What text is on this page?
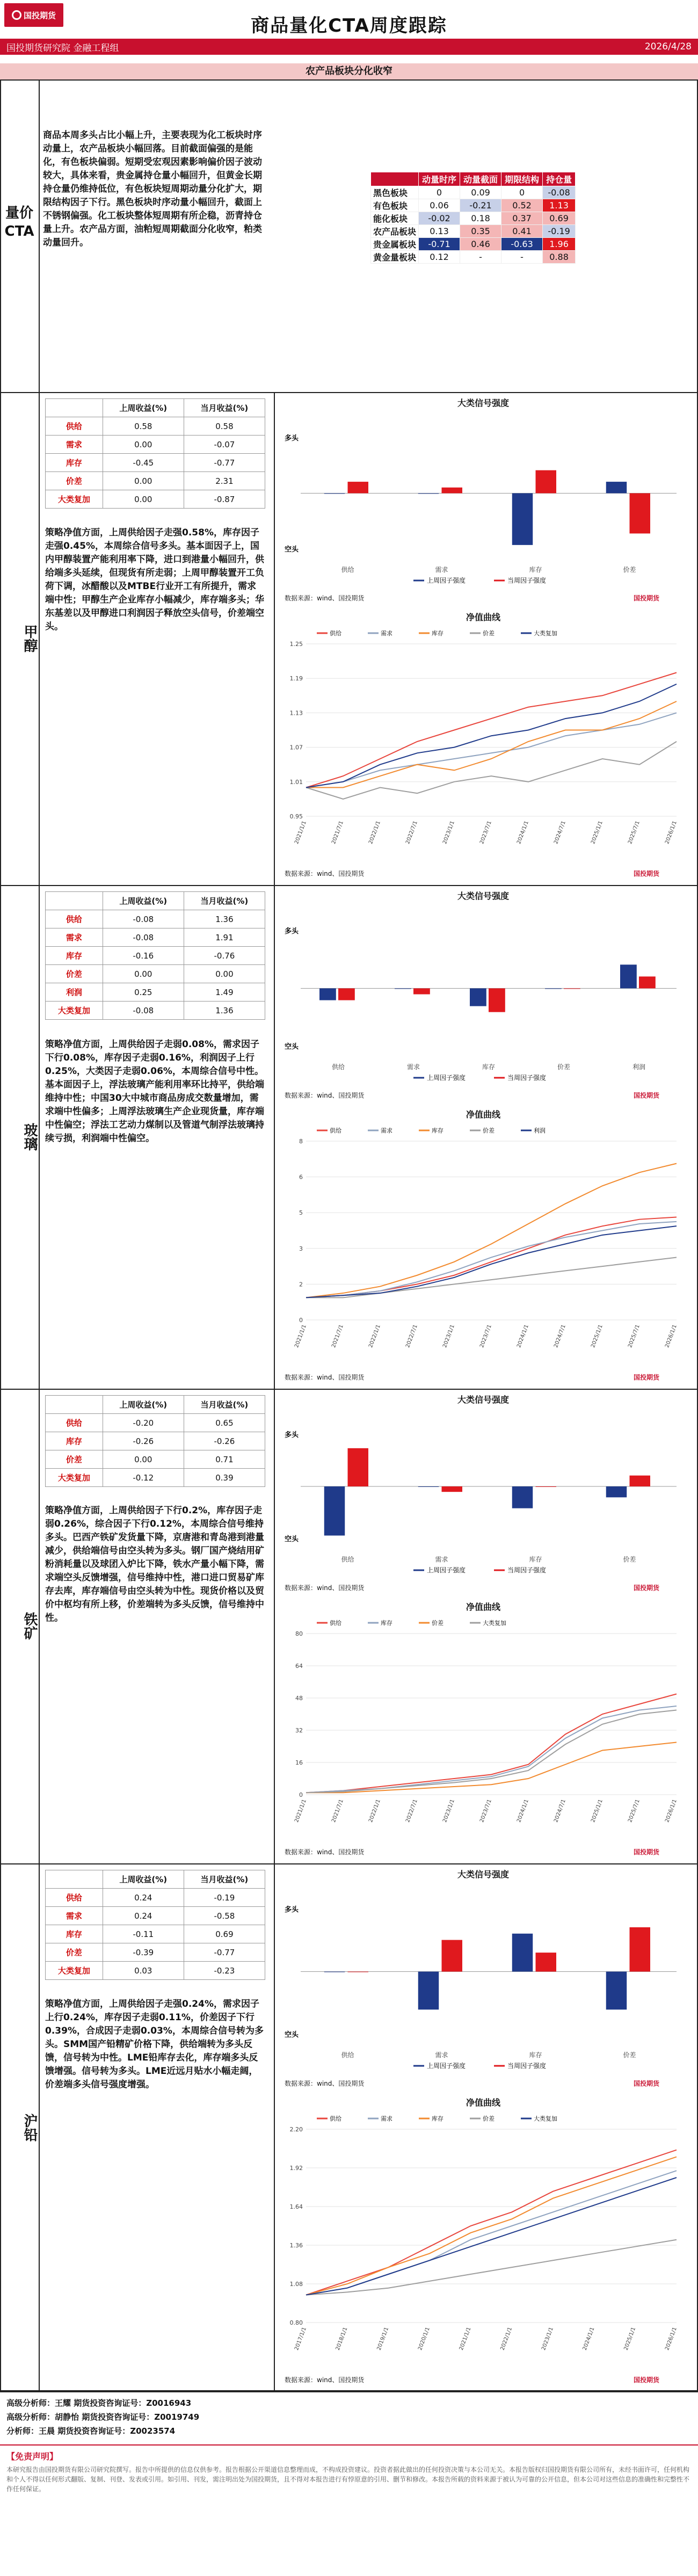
国投期货	商品量化CTA周度跟踪
国投期货研究院 金融工程组	2026/4/28
农产品板块分化收窄
量价CTA
商品本周多头占比小幅上升，主要表现为化工板块时序动量上，农产品板块小幅回落。目前截面偏强的是能化，有色板块偏弱。短期受宏观因素影响偏价因子波动较大，具体来看，贵金属持仓量小幅回升，但黄金长期持仓量仍维持低位，有色板块短周期动量分化扩大，期限结构因子下行。黑色板块时序动量小幅回升，截面上不锈钢偏强。化工板块整体短周期有所企稳，沥青持仓量上升。农产品方面，油粕短周期截面分化收窄，粕类动量回升。
	动量时序	动量截面	期限结构	持仓量
黑色板块	0	0.09	0	-0.08
有色板块	0.06	-0.21	0.52	1.13
能化板块	-0.02	0.18	0.37	0.69
农产品板块	0.13	0.35	0.41	-0.19
贵金属板块	-0.71	0.46	-0.63	1.96
黄金量板块	0.12	-	-	0.88
甲醇
	上周收益(%)	当月收益(%)
供给	0.58	0.58
需求	0.00	-0.07
库存	-0.45	-0.77
价差	0.00	2.31
大类复加	0.00	-0.87
策略净值方面，上周供给因子走强0.58%，库存因子走强0.45%，本周综合信号多头。基本面因子上，国内甲醇装置产能利用率下降，进口到港量小幅回升，供给端多头延续，但现货有所走弱；上周甲醇装置开工负荷下调，冰醋酸以及MTBE行业开工有所提升，需求端中性；甲醇生产企业库存小幅减少，库存端多头；华东基差以及甲醇进口利润因子释放空头信号，价差端空头。
大类信号强度
供给	需求	库存	价差
多头
空头
上周因子强度	当周因子强度
数据来源：wind、国投期货	国投期货
净值曲线
1.25
1.19
1.13
1.07
1.01
0.95
2021/1/1	2021/7/1	2022/1/1	2022/7/1	2023/1/1	2023/7/1	2024/1/1	2024/7/1	2025/1/1	2025/7/1	2026/1/1
供给	需求	库存	价差	大类复加
数据来源：wind、国投期货	国投期货
玻璃
	上周收益(%)	当月收益(%)
供给	-0.08	1.36
需求	-0.08	1.91
库存	-0.16	-0.76
价差	0.00	0.00
利润	0.25	1.49
大类复加	-0.08	1.36
策略净值方面，上周供给因子走弱0.08%，需求因子下行0.08%，库存因子走弱0.16%，利润因子上行0.25%，大类因子走弱0.06%，本周综合信号中性。基本面因子上，浮法玻璃产能利用率环比持平，供给端维持中性；中国30大中城市商品房成交数量增加，需求端中性偏多；上周浮法玻璃生产企业现货量，库存端中性偏空；浮法工艺动力煤制以及管道气制浮法玻璃持续亏损，利润端中性偏空。
大类信号强度
供给	需求	库存	价差	利润
多头
空头
上周因子强度	当周因子强度
数据来源：wind、国投期货	国投期货
净值曲线
8
6
5
3
2
0
2021/1/1	2021/7/1	2022/1/1	2022/7/1	2023/1/1	2023/7/1	2024/1/1	2024/7/1	2025/1/1	2025/7/1	2026/1/1
供给	需求	库存	价差	利润
数据来源：wind、国投期货	国投期货
铁矿
	上周收益(%)	当月收益(%)
供给	-0.20	0.65
库存	-0.26	-0.26
价差	0.00	0.71
大类复加	-0.12	0.39
策略净值方面，上周供给因子下行0.2%，库存因子走弱0.26%，综合因子下行0.12%，本周综合信号维持多头。巴西产铁矿发货量下降，京唐港和青岛港到港量减少，供给端信号由空头转为多头。钢厂国产烧结用矿粉消耗量以及球团入炉比下降，铁水产量小幅下降，需求端空头反馈增强，信号维持中性，港口进口贸易矿库存去库，库存端信号由空头转为中性。现货价格以及贸价中枢均有所上移，价差端转为多头反馈，信号维持中性。
大类信号强度
供给	需求	库存	价差
多头
空头
上周因子强度	当周因子强度
数据来源：wind、国投期货	国投期货
净值曲线
80
64
48
32
16
0
2021/1/1	2021/7/1	2022/1/1	2022/7/1	2023/1/1	2023/7/1	2024/1/1	2024/7/1	2025/1/1	2025/7/1	2026/1/1
供给	库存	价差	大类复加
数据来源：wind、国投期货	国投期货
沪铅
	上周收益(%)	当月收益(%)
供给	0.24	-0.19
需求	0.24	-0.58
库存	-0.11	0.69
价差	-0.39	-0.77
大类复加	0.03	-0.23
策略净值方面，上周供给因子走强0.24%，需求因子上行0.24%，库存因子走弱0.11%，价差因子下行0.39%，合成因子走弱0.03%，本周综合信号转为多头。SMM国产铅精矿价格下降，供给端转为多头反馈，信号转为中性。LME铅库存去化，库存端多头反馈增强。信号转为多头。LME近远月贴水小幅走阔，价差端多头信号强度增强。
大类信号强度
供给	需求	库存	价差
多头
空头
上周因子强度	当周因子强度
数据来源：wind、国投期货	国投期货
净值曲线
2.20
1.92
1.64
1.36
1.08
0.80
2017/1/1	2018/1/1	2019/1/1	2020/1/1	2021/1/1	2022/1/1	2023/1/1	2024/1/1	2025/1/1	2026/1/1
供给	需求	库存	价差	大类复加
数据来源：wind、国投期货	国投期货
高级分析师：王耀 期货投资咨询证号：Z0016943
高级分析师：胡静怡 期货投资咨询证号：Z0019749
分析师：王晨 期货投资咨询证号：Z0023574
【免责声明】
本研究报告由国投期货有限公司研究院撰写。报告中所提供的信息仅供参考。报告根据公开渠道信息整理而成，不构成投资建议。投资者据此做出的任何投资决策与本公司无关。本报告版权归国投期货有限公司所有，未经书面许可，任何机构和个人不得以任何形式翻版、复制、刊登、发表或引用。如引用、刊发，需注明出处为国投期货，且不得对本报告进行有悖原意的引用、删节和修改。本报告所载的资料来源于被认为可靠的公开信息，但本公司对这些信息的准确性和完整性不作任何保证。
